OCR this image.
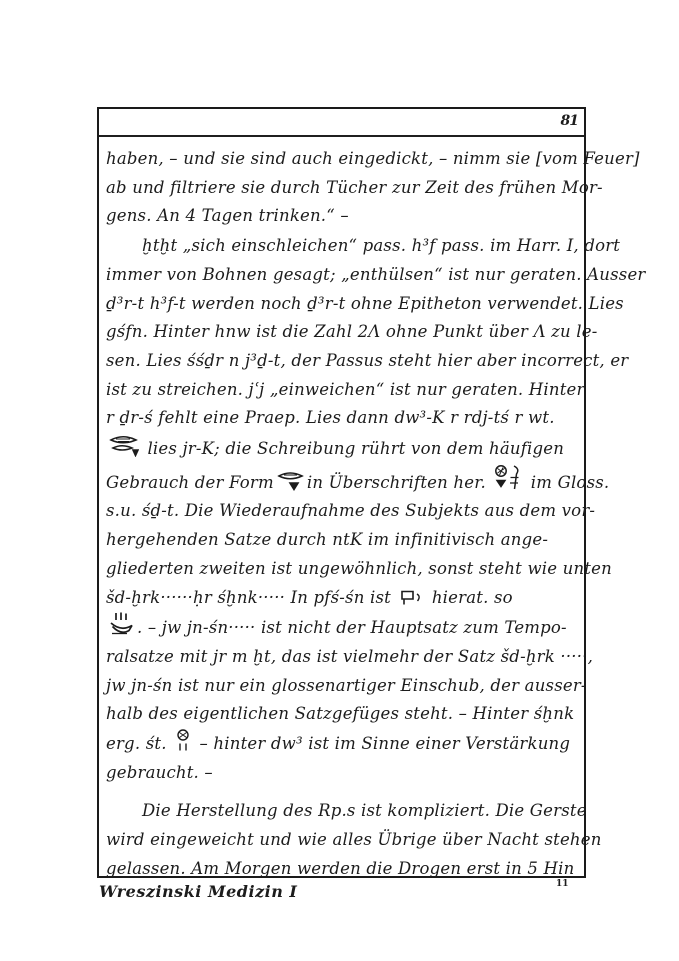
81
haben, – und sie sind auch eingedickt, – nimm sie [vom Feuer]
ab und filtriere sie durch Tücher zur Zeit des frühen Mor-
gens. An 4 Tagen trinken.“ –
ḫtḫt „sich einschleichen“ pass. h³f pass. im Harr. I, dort
immer von Bohnen gesagt; „enthülsen“ ist nur geraten. Ausser
ḏ³r-t h³f-t werden noch ḏ³r-t ohne Epitheton verwendet. Lies
gśfn. Hinter hnw ist die Zahl 2Λ ohne Punkt über Λ zu le-
sen. Lies śśḏr n j³ḏ-t, der Passus steht hier aber incorrect, er
ist zu streichen. jʿj „einweichen“ ist nur geraten. Hinter
r ḏr-ś fehlt eine Praep. Lies dann dw³-K r rdj-tś r wt.
lies jr-K; die Schreibung rührt von dem häufigen
Gebrauch der Form in Überschriften her.  im Gloss.
s.u. śḏ-t. Die Wiederaufnahme des Subjekts aus dem vor-
hergehenden Satze durch ntK im infinitivisch ange-
gliederten zweiten ist ungewöhnlich, sonst steht wie unten
šd-ḫrk······ḥr śḫnk····· In pfś-śn ist  hierat. so
. – jw jn-śn····· ist nicht der Hauptsatz zum Tempo-
ralsatze mit jr m ḫt, das ist vielmehr der Satz šd-ḫrk ·····,
jw jn-śn ist nur ein glossenartiger Einschub, der ausser-
halb des eigentlichen Satzgefüges steht. – Hinter śḫnk
erg. śt.  – hinter dw³ ist im Sinne einer Verstärkung
gebraucht. –
Die Herstellung des Rp.s ist kompliziert. Die Gerste
wird eingeweicht und wie alles Übrige über Nacht stehen
gelassen. Am Morgen werden die Drogen erst in 5 Hin
Wreszinski Medizin I	11
